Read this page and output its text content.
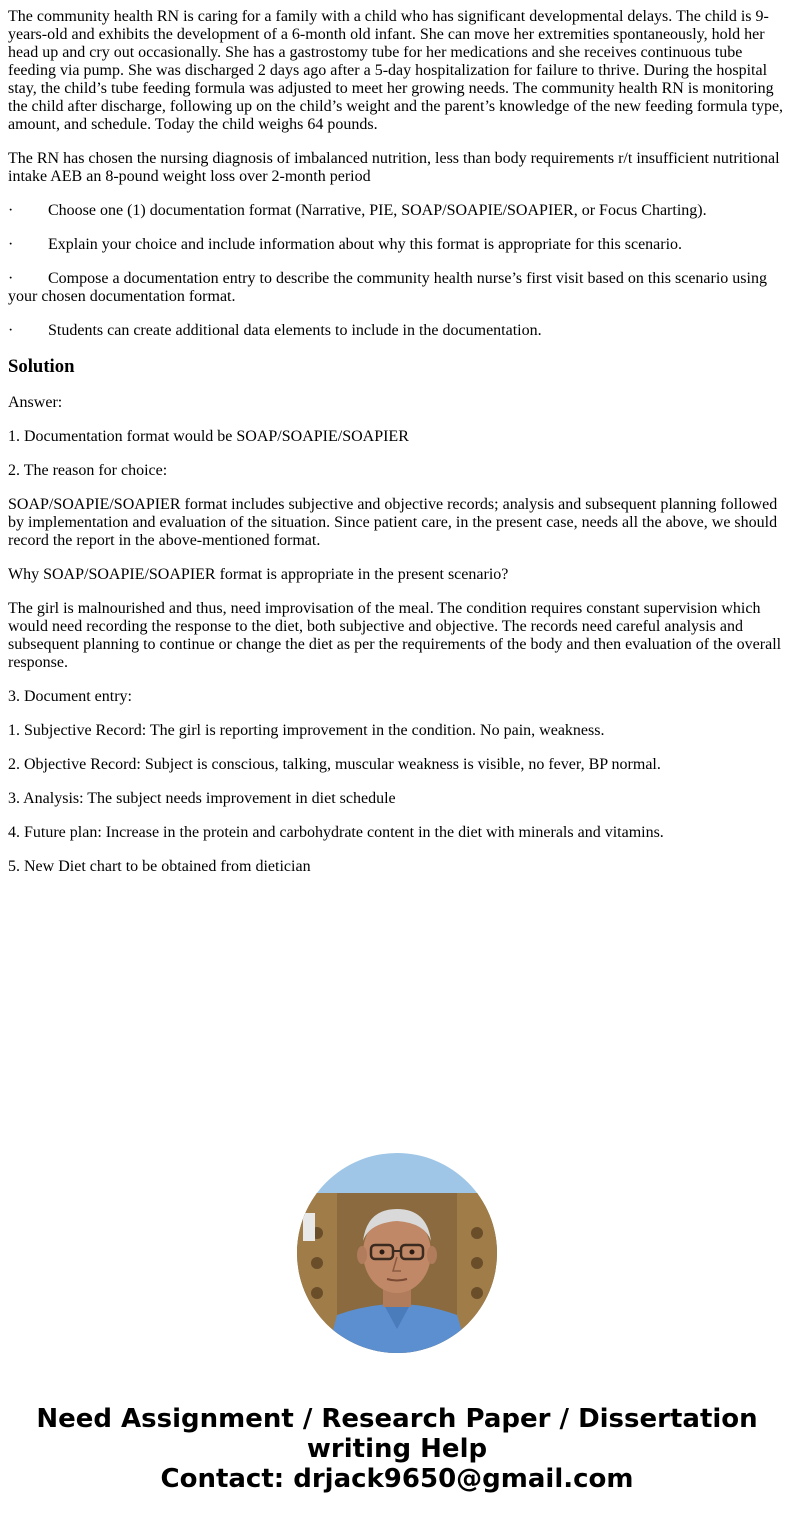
The community health RN is caring for a family with a child who has significant developmental delays. The child is 9-years-old and exhibits the development of a 6-month old infant. She can move her extremities spontaneously, hold her head up and cry out occasionally. She has a gastrostomy tube for her medications and she receives continuous tube feeding via pump. She was discharged 2 days ago after a 5-day hospitalization for failure to thrive. During the hospital stay, the child’s tube feeding formula was adjusted to meet her growing needs. The community health RN is monitoring the child after discharge, following up on the child’s weight and the parent’s knowledge of the new feeding formula type, amount, and schedule. Today the child weighs 64 pounds.

The RN has chosen the nursing diagnosis of imbalanced nutrition, less than body requirements r/t insufficient nutritional intake AEB an 8-pound weight loss over 2-month period

· Choose one (1) documentation format (Narrative, PIE, SOAP/SOAPIE/SOAPIER, or Focus Charting).
· Explain your choice and include information about why this format is appropriate for this scenario.
· Compose a documentation entry to describe the community health nurse’s first visit based on this scenario using your chosen documentation format.
· Students can create additional data elements to include in the documentation.
Solution

Answer:

1. Documentation format would be SOAP/SOAPIE/SOAPIER

2. The reason for choice:

SOAP/SOAPIE/SOAPIER format includes subjective and objective records; analysis and subsequent planning followed by implementation and evaluation of the situation. Since patient care, in the present case, needs all the above, we should record the report in the above-mentioned format.

Why SOAP/SOAPIE/SOAPIER format is appropriate in the present scenario?

The girl is malnourished and thus, need improvisation of the meal. The condition requires constant supervision which would need recording the response to the diet, both subjective and objective. The records need careful analysis and subsequent planning to continue or change the diet as per the requirements of the body and then evaluation of the overall response.

3. Document entry:

1. Subjective Record: The girl is reporting improvement in the condition. No pain, weakness.

2. Objective Record: Subject is conscious, talking, muscular weakness is visible, no fever, BP normal.

3. Analysis: The subject needs improvement in diet schedule

4. Future plan: Increase in the protein and carbohydrate content in the diet with minerals and vitamins.

5. New Diet chart to be obtained from dietician

Need Assignment / Research Paper / Dissertation
writing Help
Contact: drjack9650@gmail.com
